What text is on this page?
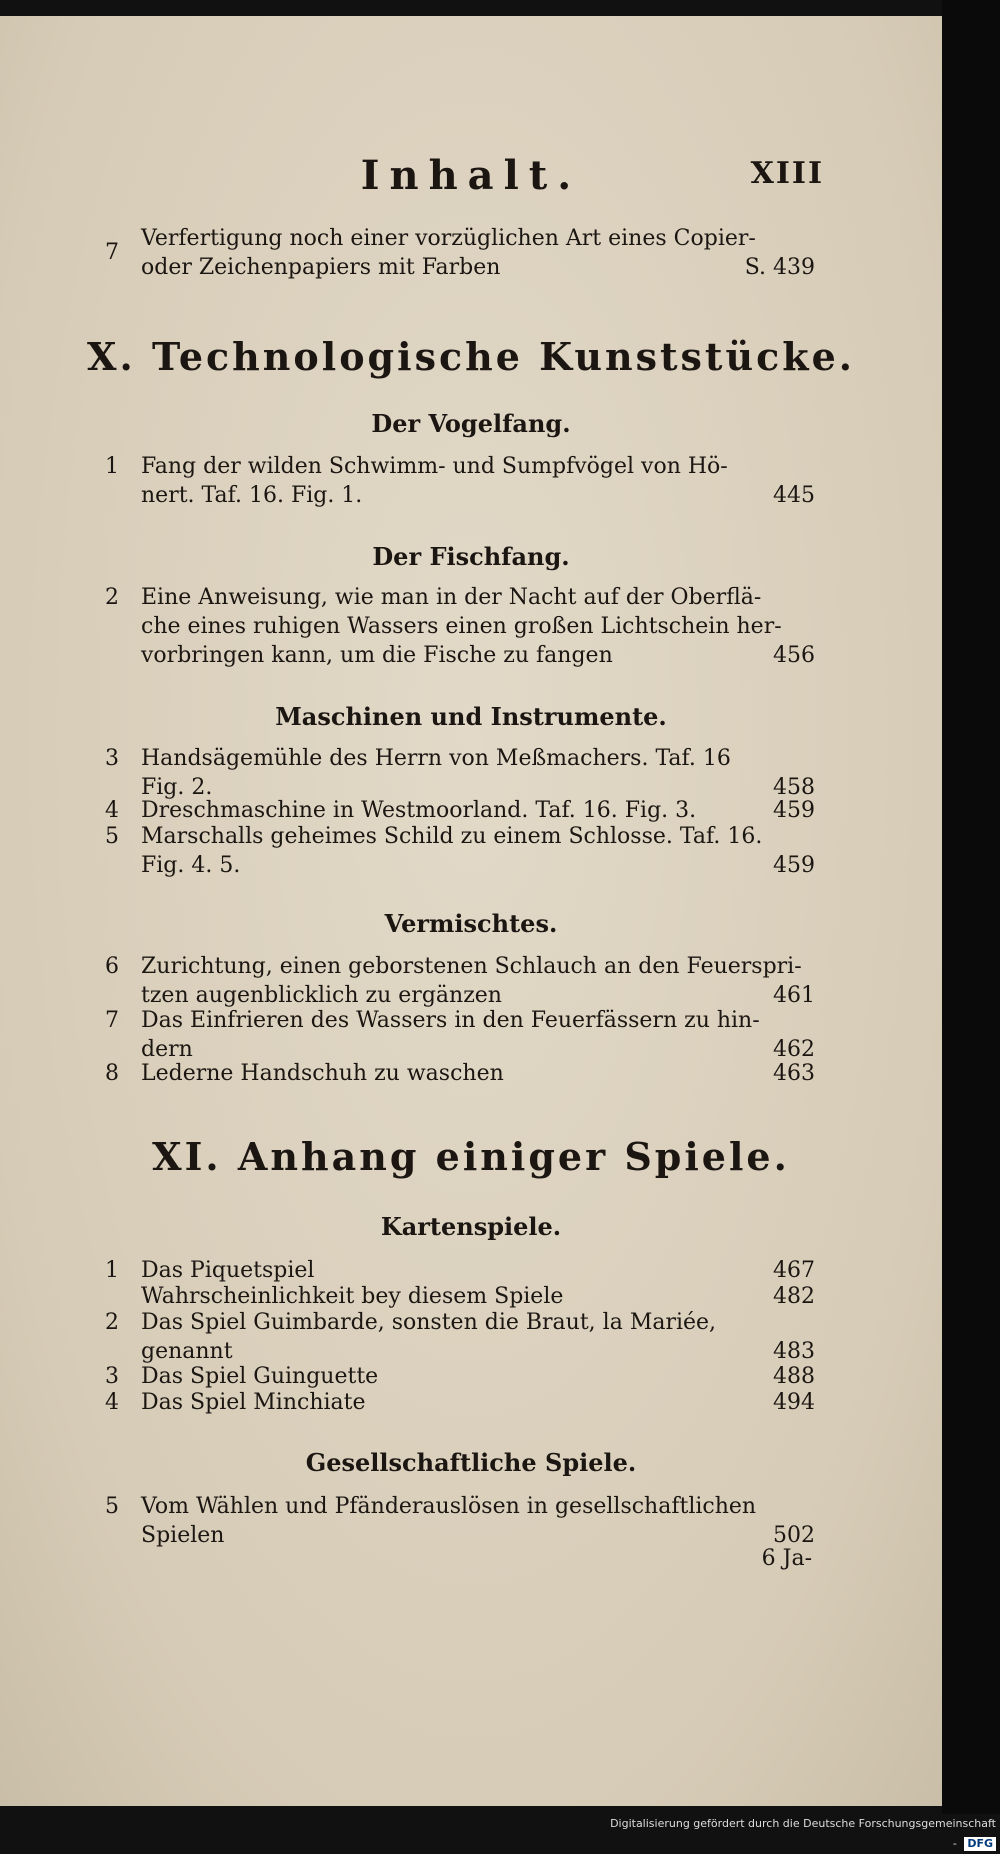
Inhalt.	XIII
7
Verfertigung noch einer vorzüglichen Art eines Copier-
oder Zeichenpapiers mit Farben	S. 439
X. Technologische Kunststücke.
Der Vogelfang.
1	Fang der wilden Schwimm- und Sumpfvögel von Hö-
nert. Taf. 16. Fig. 1.	445
Der Fischfang.
2	Eine Anweisung, wie man in der Nacht auf der Oberflä-
che eines ruhigen Wassers einen großen Lichtschein her-
vorbringen kann, um die Fische zu fangen	456
Maschinen und Instrumente.
3	Handsägemühle des Herrn von Meßmachers. Taf. 16
Fig. 2.	458
4	Dreschmaschine in Westmoorland. Taf. 16. Fig. 3.	459
5	Marschalls geheimes Schild zu einem Schlosse. Taf. 16.
Fig. 4. 5.	459
Vermischtes.
6	Zurichtung, einen geborstenen Schlauch an den Feuerspri-
tzen augenblicklich zu ergänzen	461
7	Das Einfrieren des Wassers in den Feuerfässern zu hin-
dern	462
8	Lederne Handschuh zu waschen	463
XI. Anhang einiger Spiele.
Kartenspiele.
1	Das Piquetspiel	467
Wahrscheinlichkeit bey diesem Spiele	482
2	Das Spiel Guimbarde, sonsten die Braut, la Mariée,
genannt	483
3	Das Spiel Guinguette	488
4	Das Spiel Minchiate	494
Gesellschaftliche Spiele.
5	Vom Wählen und Pfänderauslösen in gesellschaftlichen
Spielen	502
6 Ja-
Digitalisierung gefördert durch die Deutsche Forschungsgemeinschaft - DFG
